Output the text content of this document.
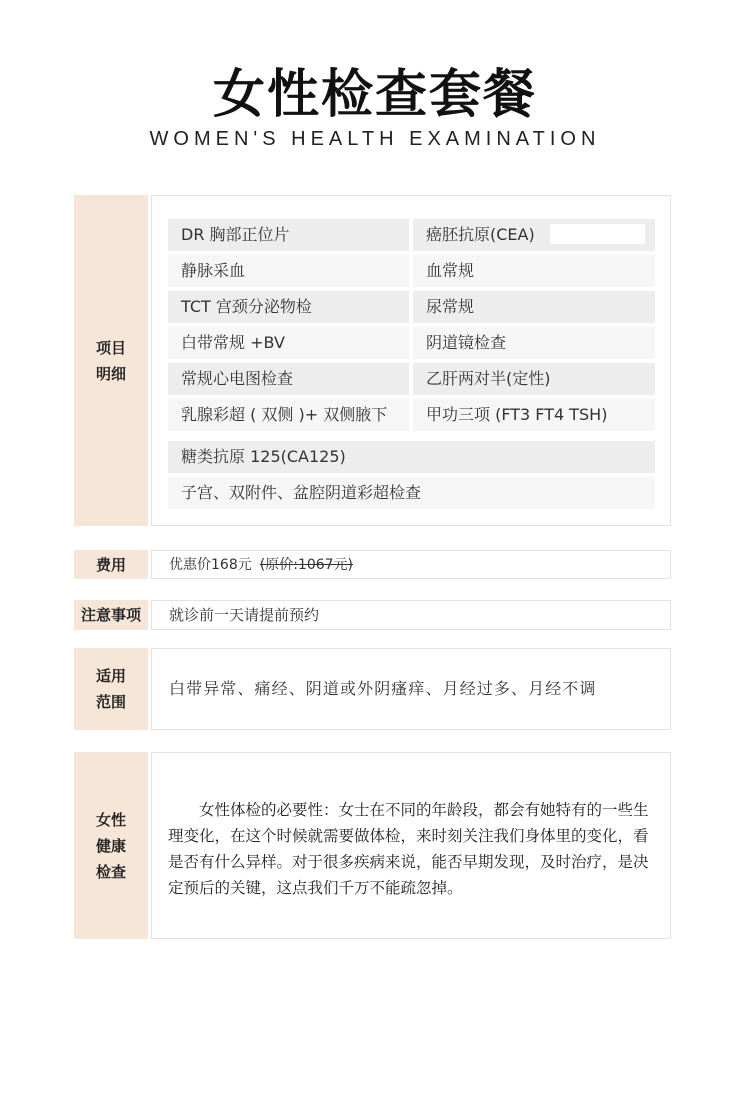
女性检查套餐
WOMEN'S HEALTH EXAMINATION
项目
明细
DR 胸部正位片	癌胚抗原(CEA)
静脉采血	血常规
TCT 宫颈分泌物检	尿常规
白带常规 +BV	阴道镜检查
常规心电图检查	乙肝两对半(定性)
乳腺彩超 ( 双侧 )+ 双侧腋下	甲功三项 (FT3 FT4 TSH)
糖类抗原 125(CA125)
子宫、双附件、盆腔阴道彩超检查
费用	优惠价168元 (原价:1067元)
注意事项	就诊前一天请提前预约
适用
范围
白带异常、痛经、阴道或外阴瘙痒、月经过多、月经不调
女性
健康
检查
女性体检的必要性：女士在不同的年龄段，都会有她特有的一些生理变化，在这个时候就需要做体检，来时刻关注我们身体里的变化，看是否有什么异样。对于很多疾病来说，能否早期发现，及时治疗，是决定预后的关键，这点我们千万不能疏忽掉。
